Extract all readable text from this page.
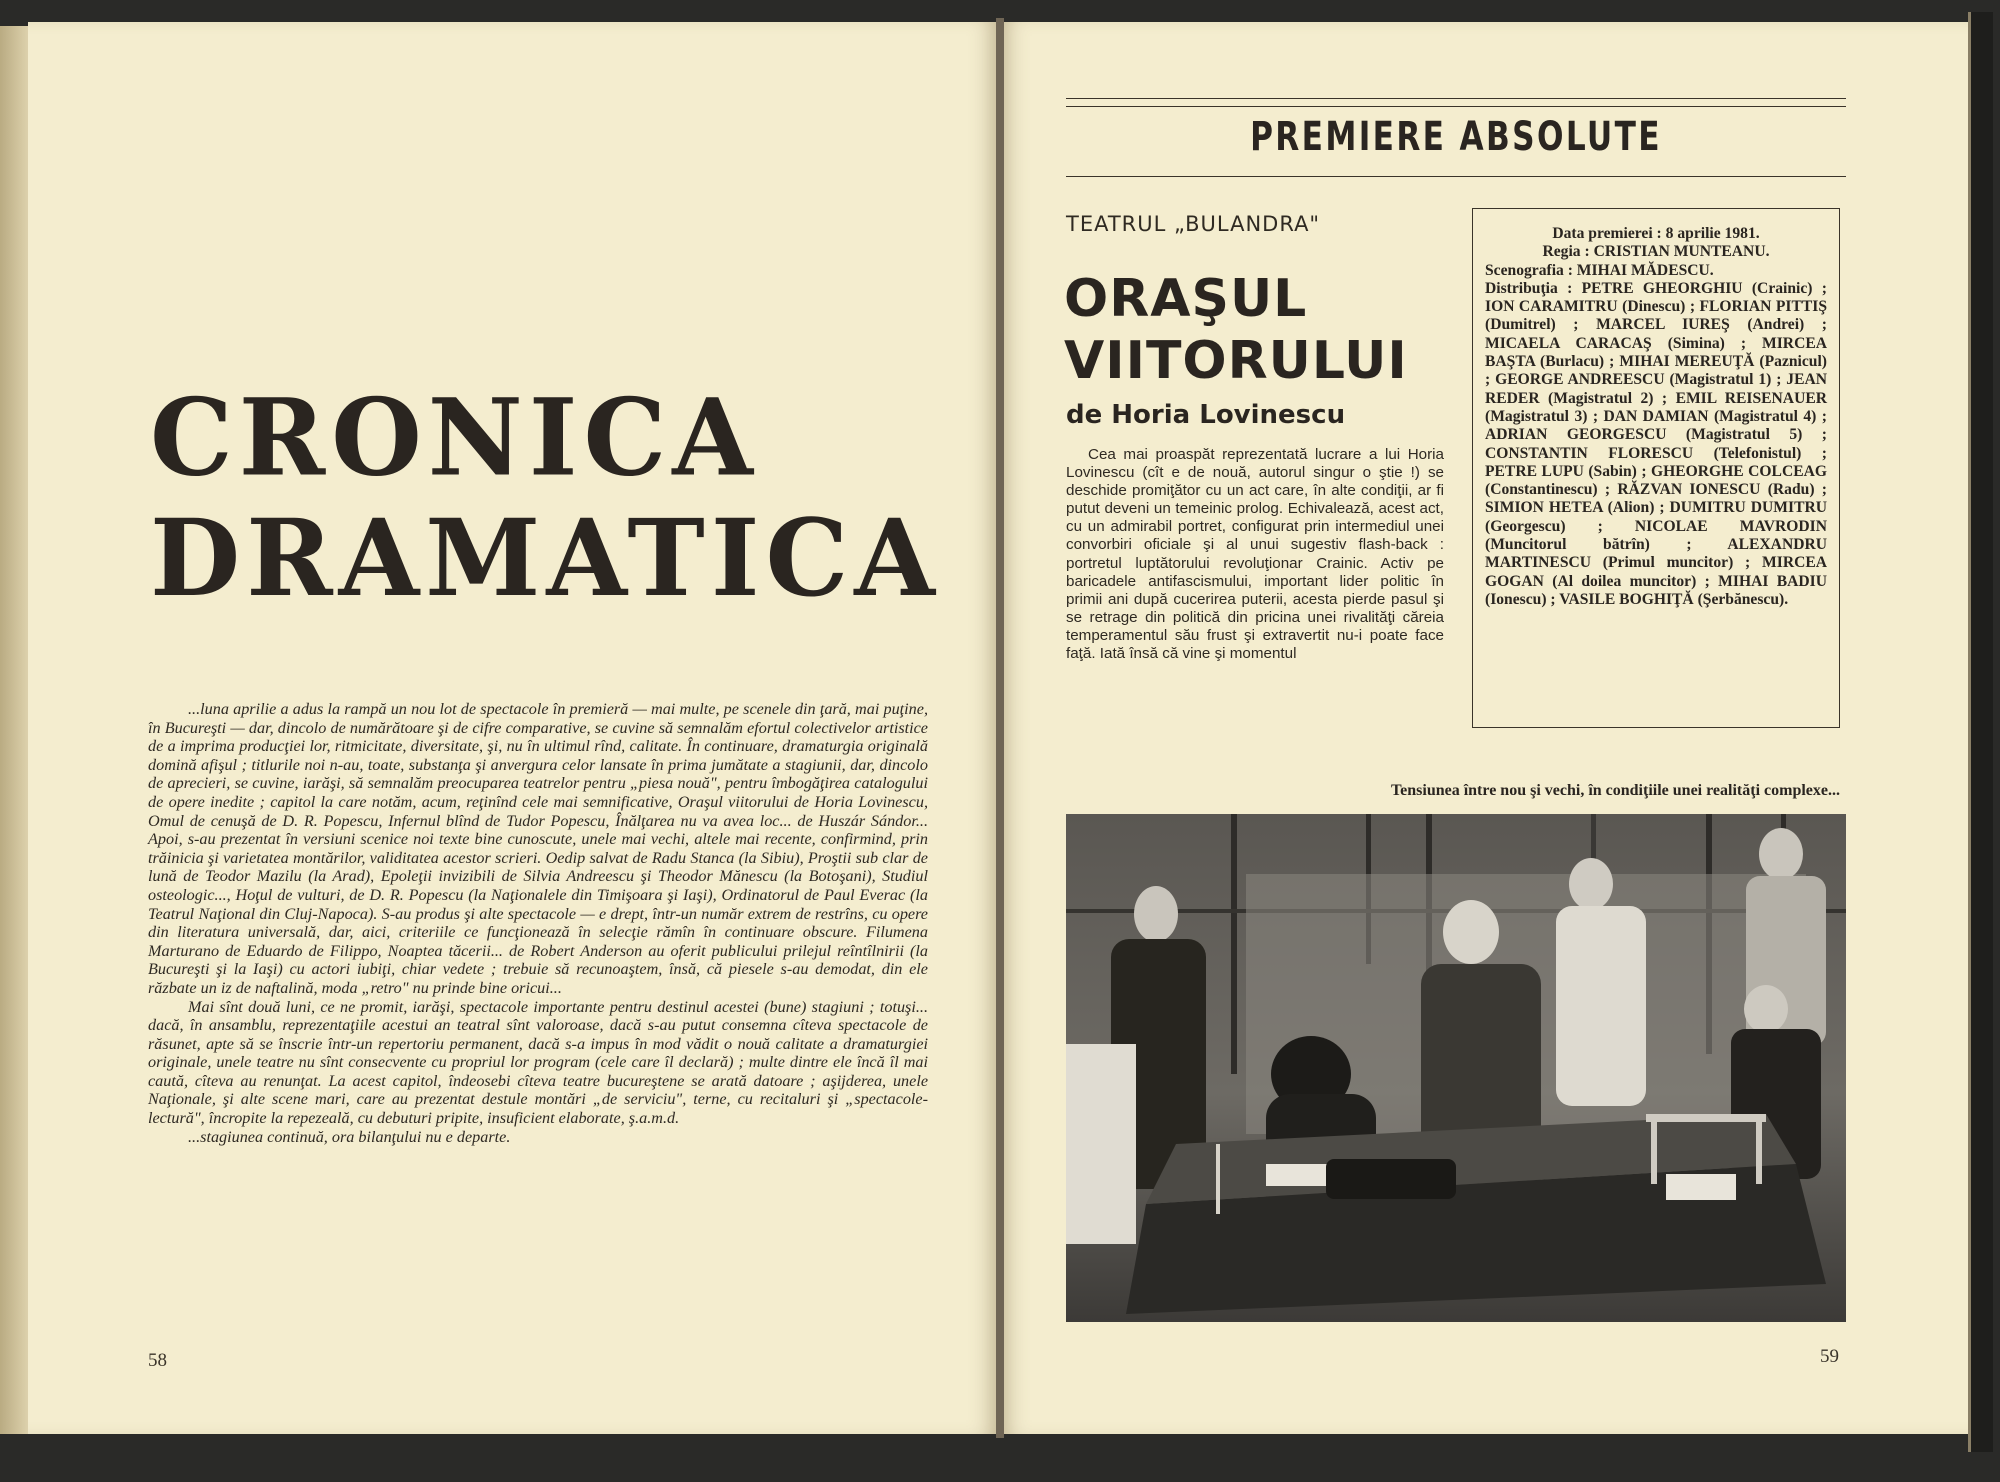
CRONICA
DRAMATICA

...luna aprilie a adus la rampă un nou lot de spectacole în premieră — mai multe, pe scenele din ţară, mai puţine, în Bucureşti — dar, dincolo de numărătoare şi de cifre comparative, se cuvine să semnalăm efortul colectivelor artistice de a imprima producţiei lor, ritmicitate, diversitate, şi, nu în ultimul rînd, calitate. În continuare, dramaturgia originală domină afişul ; titlurile noi n-au, toate, substanţa şi anvergura celor lansate în prima jumătate a stagiunii, dar, dincolo de aprecieri, se cuvine, iarăşi, să semnalăm preocuparea teatrelor pentru „piesa nouă", pentru îmbogăţirea catalogului de opere inedite ; capitol la care notăm, acum, reţinînd cele mai semnificative, Oraşul viitorului de Horia Lovinescu, Omul de cenuşă de D. R. Popescu, Infernul blînd de Tudor Popescu, Înălţarea nu va avea loc... de Huszár Sándor... Apoi, s-au prezentat în versiuni scenice noi texte bine cunoscute, unele mai vechi, altele mai recente, confirmind, prin trăinicia şi varietatea montărilor, validitatea acestor scrieri. Oedip salvat de Radu Stanca (la Sibiu), Proştii sub clar de lună de Teodor Mazilu (la Arad), Epoleţii invizibili de Silvia Andreescu şi Theodor Mănescu (la Botoşani), Studiul osteologic..., Hoţul de vulturi, de D. R. Popescu (la Naţionalele din Timişoara şi Iaşi), Ordinatorul de Paul Everac (la Teatrul Naţional din Cluj-Napoca). S-au produs şi alte spectacole — e drept, într-un număr extrem de restrîns, cu opere din literatura universală, dar, aici, criteriile ce funcţionează în selecţie rămîn în continuare obscure. Filumena Marturano de Eduardo de Filippo, Noaptea tăcerii... de Robert Anderson au oferit publicului prilejul reîntîlnirii (la Bucureşti şi la Iaşi) cu actori iubiţi, chiar vedete ; trebuie să recunoaştem, însă, că piesele s-au demodat, din ele răzbate un iz de naftalină, moda „retro" nu prinde bine oricui...

Mai sînt două luni, ce ne promit, iarăşi, spectacole importante pentru destinul acestei (bune) stagiuni ; totuşi... dacă, în ansamblu, reprezentaţiile acestui an teatral sînt valoroase, dacă s-au putut consemna cîteva spectacole de răsunet, apte să se înscrie într-un repertoriu permanent, dacă s-a impus în mod vădit o nouă calitate a dramaturgiei originale, unele teatre nu sînt consecvente cu propriul lor program (cele care îl declară) ; multe dintre ele încă îl mai caută, cîteva au renunţat. La acest capitol, îndeosebi cîteva teatre bucureştene se arată datoare ; aşijderea, unele Naţionale, şi alte scene mari, care au prezentat destule montări „de serviciu", terne, cu recitaluri şi „spectacole-lectură", încropite la repezeală, cu debuturi pripite, insuficient elaborate, ş.a.m.d.

...stagiunea continuă, ora bilanţului nu e departe.

58
PREMIERE ABSOLUTE
TEATRUL „BULANDRA"
ORAŞUL
VIITORULUI
de Horia Lovinescu

Cea mai proaspăt reprezentată lucrare a lui Horia Lovinescu (cît e de nouă, autorul singur o ştie !) se deschide promiţător cu un act care, în alte condiţii, ar fi putut deveni un temeinic prolog. Echivalează, acest act, cu un admirabil portret, configurat prin intermediul unei convorbiri oficiale şi al unui sugestiv flash-back : portretul luptătorului revoluţionar Crainic. Activ pe baricadele antifascismului, important lider politic în primii ani după cucerirea puterii, acesta pierde pasul şi se retrage din politică din pricina unei rivalităţi căreia temperamentul său frust şi extravertit nu-i poate face faţă. Iată însă că vine şi momentul

Data premierei : 8 aprilie 1981.
Regia : CRISTIAN MUNTEANU.
Scenografia : MIHAI MĂDESCU.
Distribuţia : PETRE GHEORGHIU (Crainic) ; ION CARAMITRU (Dinescu) ; FLORIAN PITTIŞ (Dumitrel) ; MARCEL IUREŞ (Andrei) ; MICAELA CARACAŞ (Simina) ; MIRCEA BAŞTA (Burlacu) ; MIHAI MEREUŢĂ (Paznicul) ; GEORGE ANDREESCU (Magistratul 1) ; JEAN REDER (Magistratul 2) ; EMIL REISENAUER (Magistratul 3) ; DAN DAMIAN (Magistratul 4) ; ADRIAN GEORGESCU (Magistratul 5) ; CONSTANTIN FLORESCU (Telefonistul) ; PETRE LUPU (Sabin) ; GHEORGHE COLCEAG (Constantinescu) ; RĂZVAN IONESCU (Radu) ; SIMION HETEA (Alion) ; DUMITRU DUMITRU (Georgescu) ; NICOLAE MAVRODIN (Muncitorul bătrîn) ; ALEXANDRU MARTINESCU (Primul muncitor) ; MIRCEA GOGAN (Al doilea muncitor) ; MIHAI BADIU (Ionescu) ; VASILE BOGHIŢĂ (Şerbănescu).
Tensiunea între nou şi vechi, în condiţiile unei realităţi complexe...
59
